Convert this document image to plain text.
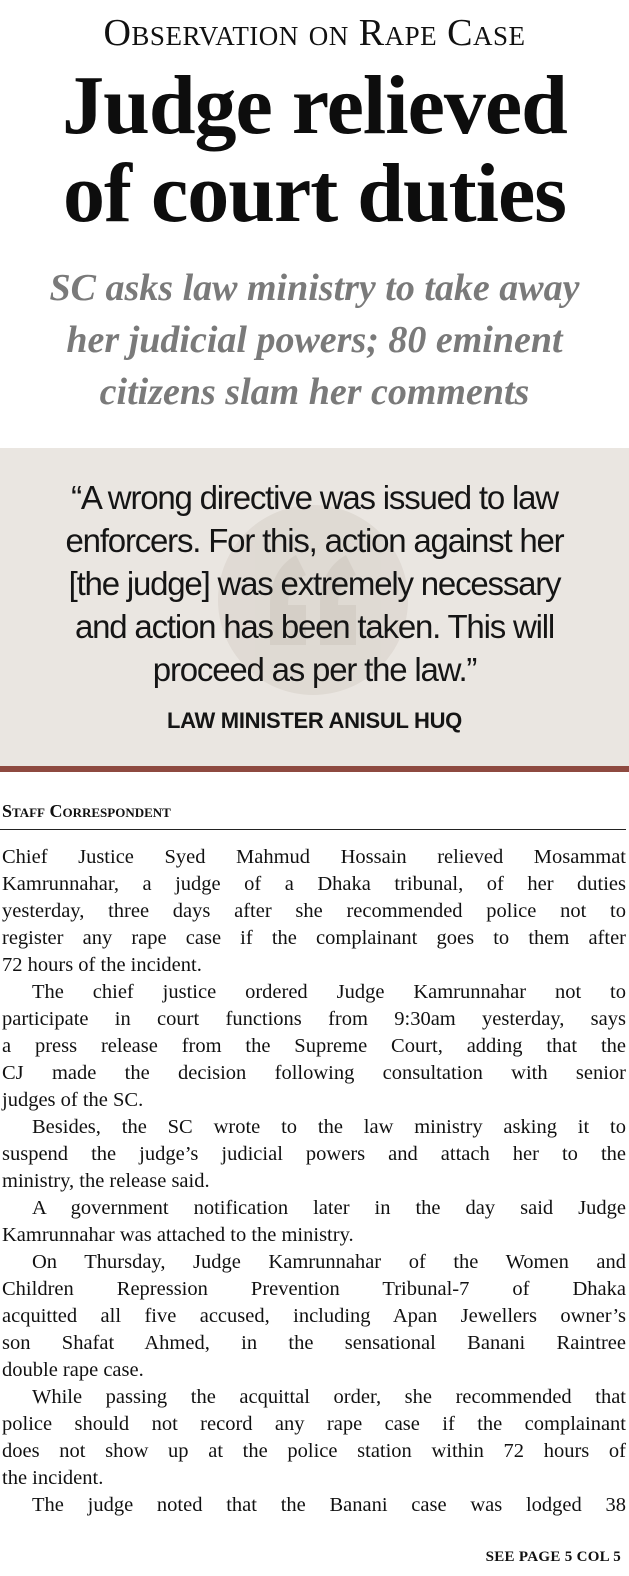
Observation on Rape Case
Judge relieved
of court duties
SC asks law ministry to take away
her judicial powers; 80 eminent
citizens slam her comments
“A wrong directive was issued to law
enforcers. For this, action against her
[the judge] was extremely necessary
and action has been taken. This will
proceed as per the law.”
LAW MINISTER ANISUL HUQ
Staff Correspondent
Chief Justice Syed Mahmud Hossain relieved Mosammat
Kamrunnahar, a judge of a Dhaka tribunal, of her duties
yesterday, three days after she recommended police not to
register any rape case if the complainant goes to them after
72 hours of the incident.
The chief justice ordered Judge Kamrunnahar not to
participate in court functions from 9:30am yesterday, says
a press release from the Supreme Court, adding that the
CJ made the decision following consultation with senior
judges of the SC.
Besides, the SC wrote to the law ministry asking it to
suspend the judge’s judicial powers and attach her to the
ministry, the release said.
A government notification later in the day said Judge
Kamrunnahar was attached to the ministry.
On Thursday, Judge Kamrunnahar of the Women and
Children Repression Prevention Tribunal-7 of Dhaka
acquitted all five accused, including Apan Jewellers owner’s
son Shafat Ahmed, in the sensational Banani Raintree
double rape case.
While passing the acquittal order, she recommended that
police should not record any rape case if the complainant
does not show up at the police station within 72 hours of
the incident.
The judge noted that the Banani case was lodged 38
SEE PAGE 5 COL 5
